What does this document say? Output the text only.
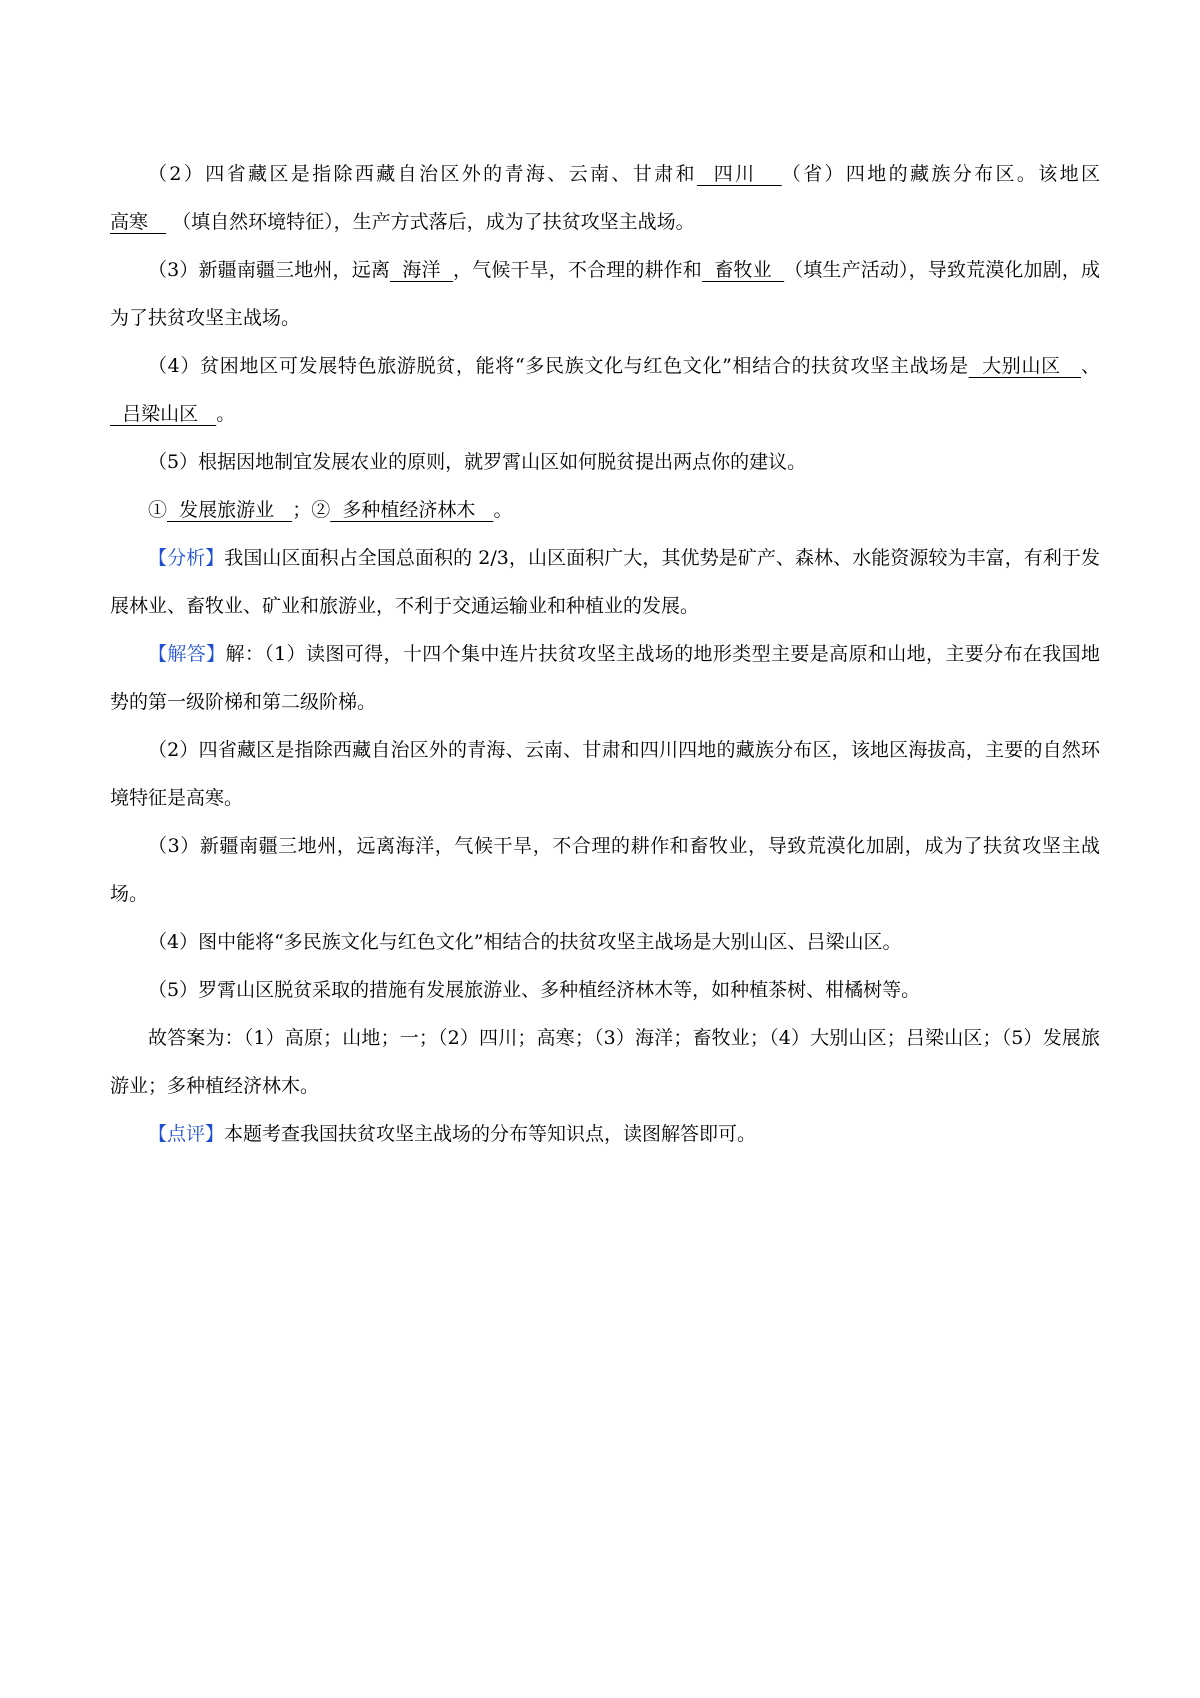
（2）四省藏区是指除西藏自治区外的青海、云南、甘肃和  四川   （省）四地的藏族分布区。该地区高寒    （填自然环境特征），生产方式落后，成为了扶贫攻坚主战场。

（3）新疆南疆三地州，远离  海洋  ，气候干旱，不合理的耕作和  畜牧业  （填生产活动），导致荒漠化加剧，成为了扶贫攻坚主战场。

（4）贫困地区可发展特色旅游脱贫，能将“多民族文化与红色文化”相结合的扶贫攻坚主战场是  大别山区   、  吕梁山区   。

（5）根据因地制宜发展农业的原则，就罗霄山区如何脱贫提出两点你的建议。

①  发展旅游业   ；②  多种植经济林木   。

【分析】我国山区面积占全国总面积的 2/3，山区面积广大，其优势是矿产、森林、水能资源较为丰富，有利于发展林业、畜牧业、矿业和旅游业，不利于交通运输业和种植业的发展。

【解答】解：（1）读图可得，十四个集中连片扶贫攻坚主战场的地形类型主要是高原和山地，主要分布在我国地势的第一级阶梯和第二级阶梯。

（2）四省藏区是指除西藏自治区外的青海、云南、甘肃和四川四地的藏族分布区，该地区海拔高，主要的自然环境特征是高寒。

（3）新疆南疆三地州，远离海洋，气候干旱，不合理的耕作和畜牧业，导致荒漠化加剧，成为了扶贫攻坚主战场。

（4）图中能将“多民族文化与红色文化”相结合的扶贫攻坚主战场是大别山区、吕梁山区。

（5）罗霄山区脱贫采取的措施有发展旅游业、多种植经济林木等，如种植茶树、柑橘树等。

故答案为：（1）高原；山地；一；（2）四川；高寒；（3）海洋；畜牧业；（4）大别山区；吕梁山区；（5）发展旅游业；多种植经济林木。

【点评】本题考查我国扶贫攻坚主战场的分布等知识点，读图解答即可。
